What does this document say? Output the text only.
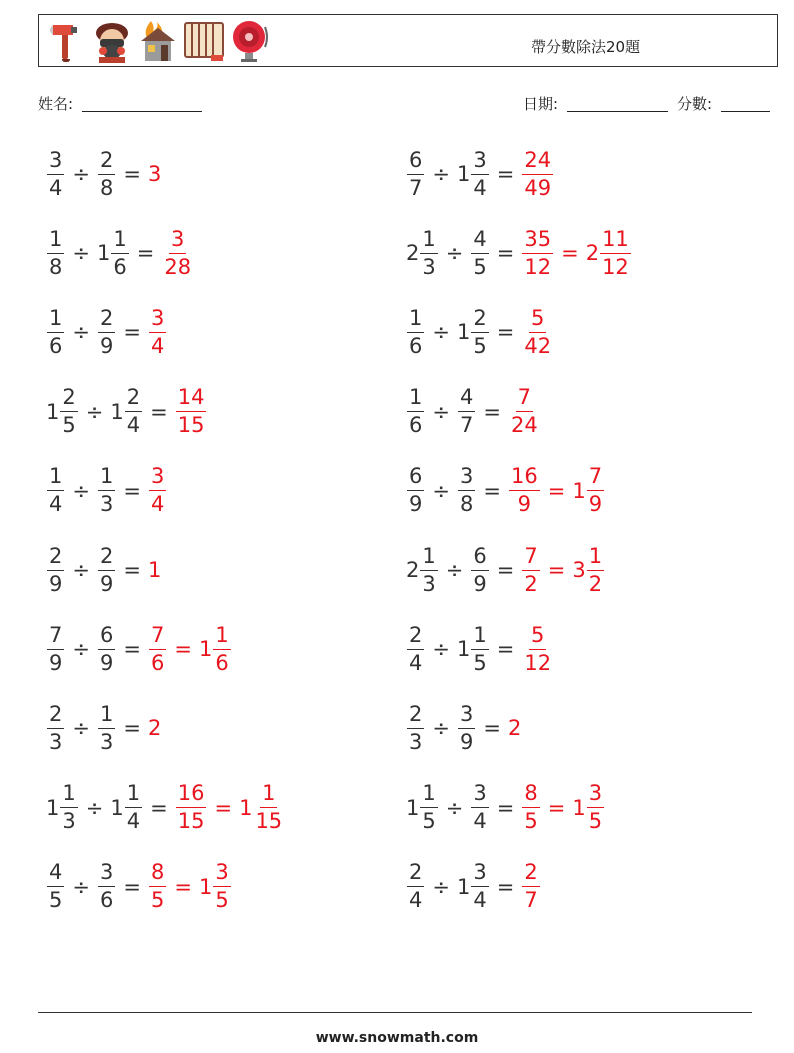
帶分數除法20題
姓名:	日期:	分數:
$\frac{3}{4} \div \frac{2}{8} = 3$	$\frac{6}{7} \div 1 \frac{3}{4} = \frac{24}{49}$
$\frac{1}{8} \div 1 \frac{1}{6} = \frac{3}{28}$	$2 \frac{1}{3} \div \frac{4}{5} = \frac{35}{12} = 2 \frac{11}{12}$
$\frac{1}{6} \div \frac{2}{9} = \frac{3}{4}$	$\frac{1}{6} \div 1 \frac{2}{5} = \frac{5}{42}$
$1 \frac{2}{5} \div 1 \frac{2}{4} = \frac{14}{15}$	$\frac{1}{6} \div \frac{4}{7} = \frac{7}{24}$
$\frac{1}{4} \div \frac{1}{3} = \frac{3}{4}$	$\frac{6}{9} \div \frac{3}{8} = \frac{16}{9} = 1 \frac{7}{9}$
$\frac{2}{9} \div \frac{2}{9} = 1$	$2 \frac{1}{3} \div \frac{6}{9} = \frac{7}{2} = 3 \frac{1}{2}$
$\frac{7}{9} \div \frac{6}{9} = \frac{7}{6} = 1 \frac{1}{6}$	$\frac{2}{4} \div 1 \frac{1}{5} = \frac{5}{12}$
$\frac{2}{3} \div \frac{1}{3} = 2$	$\frac{2}{3} \div \frac{3}{9} = 2$
$1 \frac{1}{3} \div 1 \frac{1}{4} = \frac{16}{15} = 1 \frac{1}{15}$	$1 \frac{1}{5} \div \frac{3}{4} = \frac{8}{5} = 1 \frac{3}{5}$
$\frac{4}{5} \div \frac{3}{6} = \frac{8}{5} = 1 \frac{3}{5}$	$\frac{2}{4} \div 1 \frac{3}{4} = \frac{2}{7}$
www.snowmath.com
